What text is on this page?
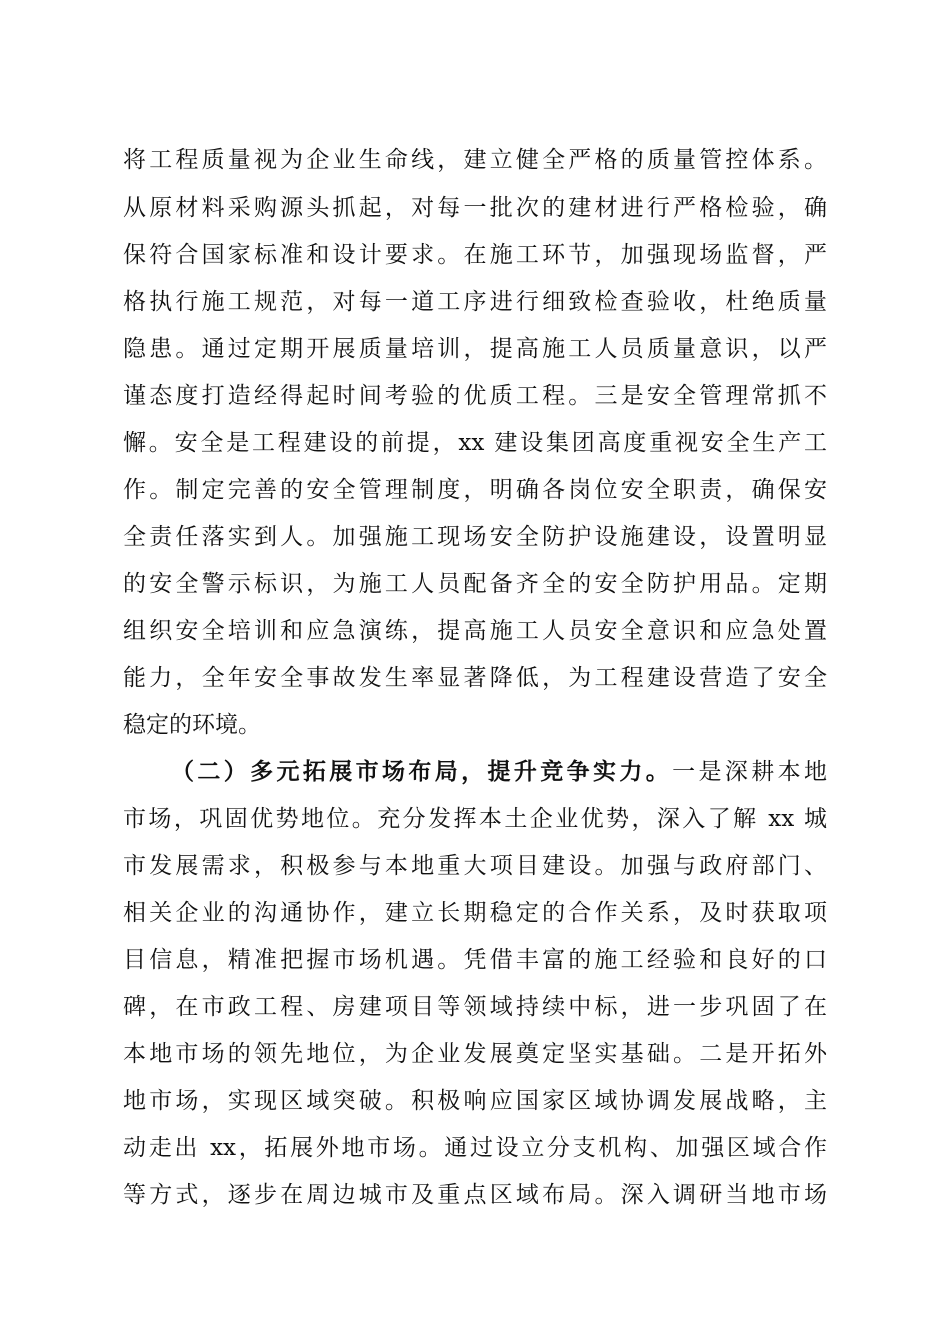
将工程质量视为企业生命线，建立健全严格的质量管控体系。
从原材料采购源头抓起，对每一批次的建材进行严格检验，确
保符合国家标准和设计要求。在施工环节，加强现场监督，严
格执行施工规范，对每一道工序进行细致检查验收，杜绝质量
隐患。通过定期开展质量培训，提高施工人员质量意识，以严
谨态度打造经得起时间考验的优质工程。三是安全管理常抓不
懈。安全是工程建设的前提，xx 建设集团高度重视安全生产工
作。制定完善的安全管理制度，明确各岗位安全职责，确保安
全责任落实到人。加强施工现场安全防护设施建设，设置明显
的安全警示标识，为施工人员配备齐全的安全防护用品。定期
组织安全培训和应急演练，提高施工人员安全意识和应急处置
能力，全年安全事故发生率显著降低，为工程建设营造了安全
稳定的环境。
（二）多元拓展市场布局，提升竞争实力。一是深耕本地
市场，巩固优势地位。充分发挥本土企业优势，深入了解 xx 城
市发展需求，积极参与本地重大项目建设。加强与政府部门、
相关企业的沟通协作，建立长期稳定的合作关系，及时获取项
目信息，精准把握市场机遇。凭借丰富的施工经验和良好的口
碑，在市政工程、房建项目等领域持续中标，进一步巩固了在
本地市场的领先地位，为企业发展奠定坚实基础。二是开拓外
地市场，实现区域突破。积极响应国家区域协调发展战略，主
动走出 xx，拓展外地市场。通过设立分支机构、加强区域合作
等方式，逐步在周边城市及重点区域布局。深入调研当地市场
